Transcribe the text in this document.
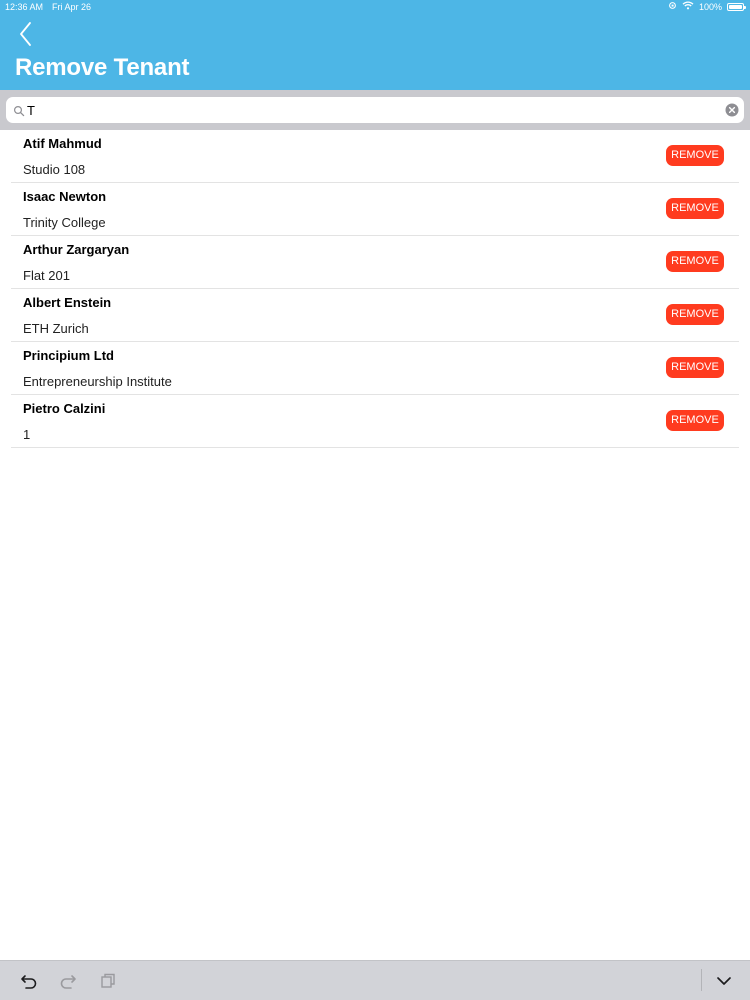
12:36 AM Fri Apr 26	100%
Remove Tenant
T
Atif Mahmud
Studio 108
REMOVE
Isaac Newton
Trinity College
REMOVE
Arthur Zargaryan
Flat 201
REMOVE
Albert Enstein
ETH Zurich
REMOVE
Principium Ltd
Entrepreneurship Institute
REMOVE
Pietro Calzini
1
REMOVE
